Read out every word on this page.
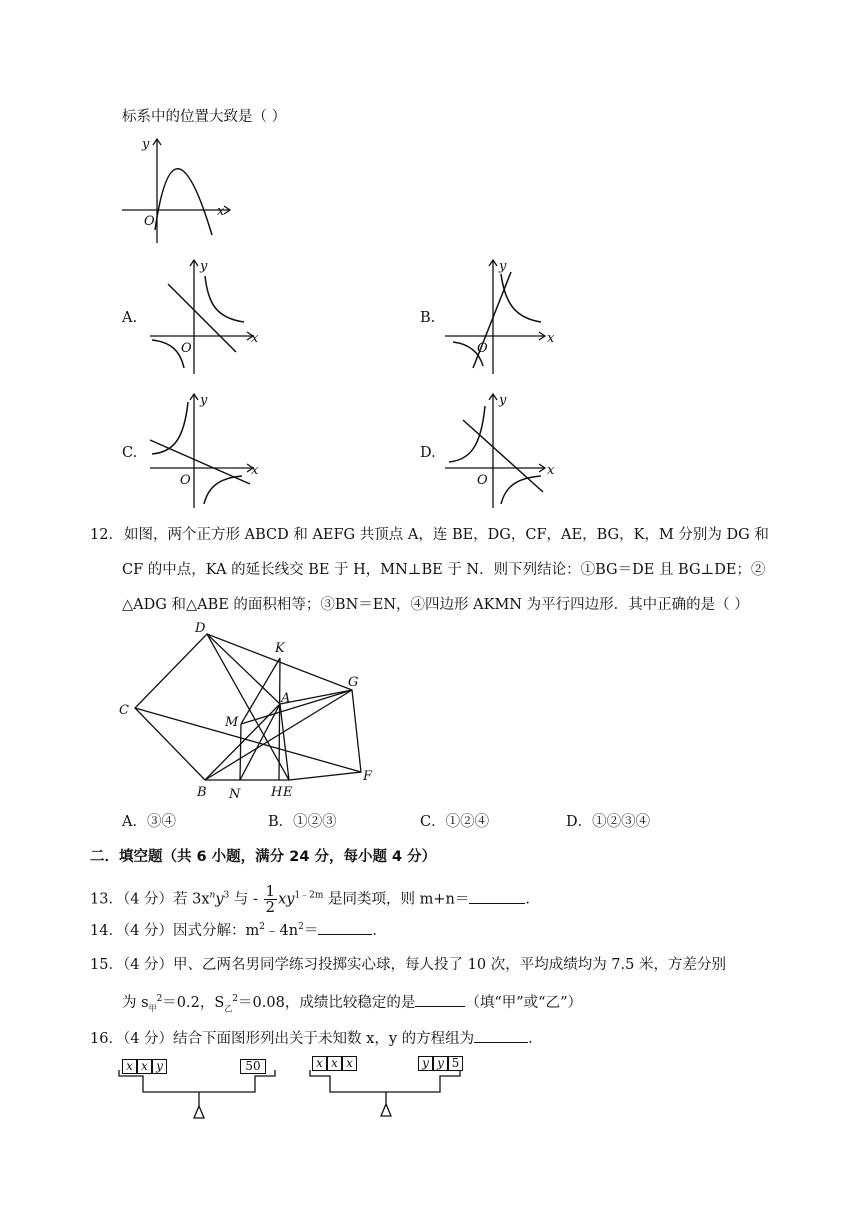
标系中的位置大致是（ ）
y
x
O
A.
y
x
O
B.
y
x
O
C.
y
x
O
D.
y
x
O
12． 如图，两个正方形 ABCD 和 AEFG 共顶点 A，连 BE，DG，CF，AE，BG，K，M 分别为 DG 和
CF 的中点，KA 的延长线交 BE 于 H，MN⊥BE 于 N．则下列结论：①BG＝DE 且 BG⊥DE；②
△ADG 和△ABE 的面积相等；③BN＝EN，④四边形 AKMN 为平行四边形．其中正确的是（ ）
D
K
A
G
C
M
B N H E
F
A．③④	B．①②③	C．①②④	D．①②③④
二．填空题（共 6 小题，满分 24 分，每小题 4 分）
13．（4 分）若 $3x^ny^3$ 与 - $\frac{1}{2} xy^{1﹣2m}$ 是同类项，则 m+n＝	．
14．（4 分）因式分解：$m^2﹣4n^2=$	．
15．（4 分）甲、乙两名男同学练习投掷实心球，每人投了 10 次，平均成绩均为 7.5 米，方差分别
为 $s_甲^2=0.2$，$S_乙^2=0.08$，成绩比较稳定的是	（填“甲”或“乙”）
16．（4 分）结合下面图形列出关于未知数 x，y 的方程组为	．
x x y	50	x x x	y y 5
